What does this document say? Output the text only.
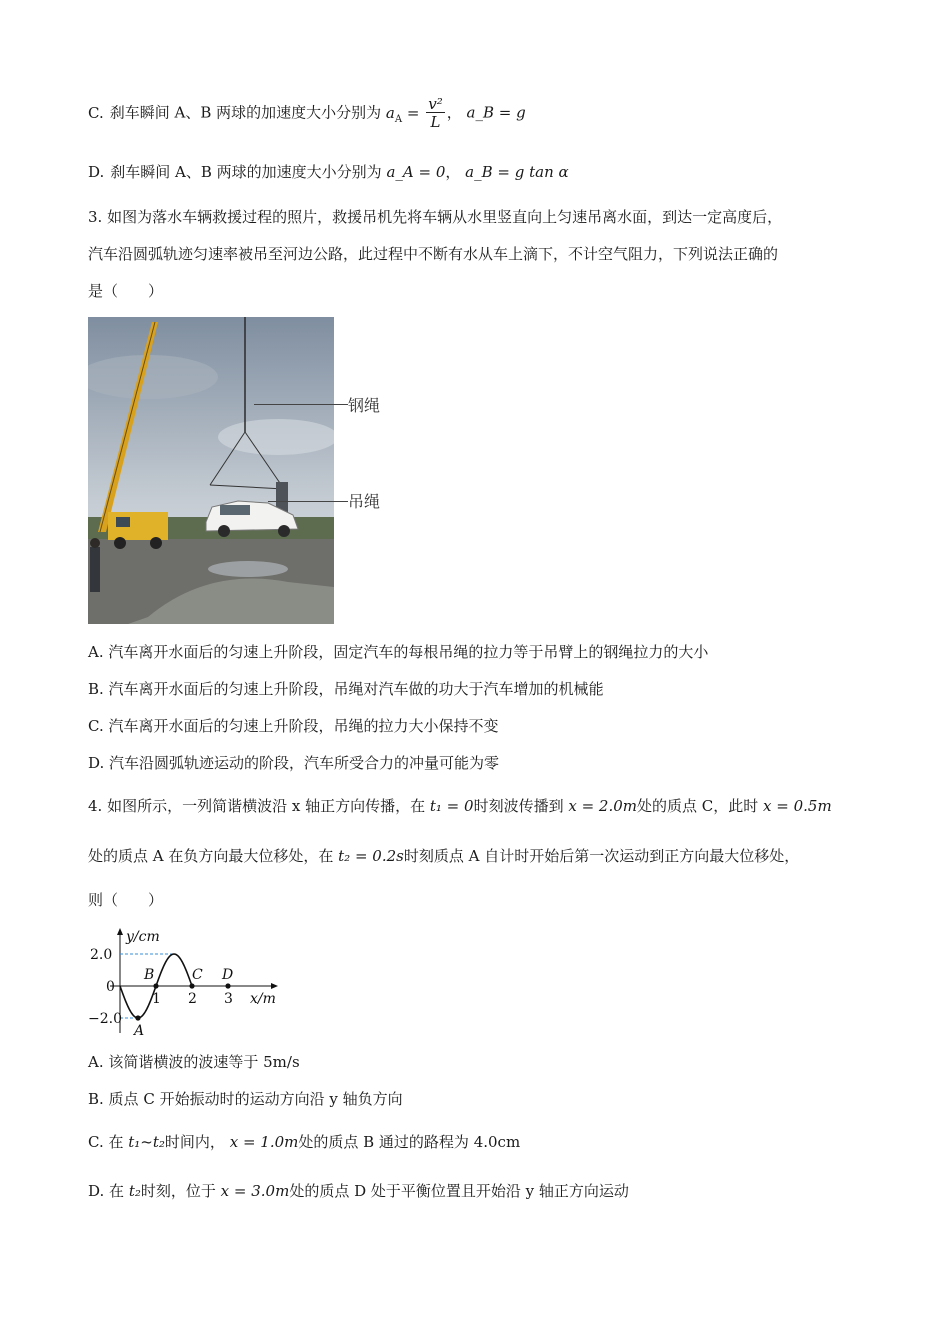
C. 刹车瞬间 A、B 两球的加速度大小分别为 $a_A = \frac{\text{v²}}{L}$ ， a_B = g
D. 刹车瞬间 A、B 两球的加速度大小分别为 a_A = 0， a_B = g tan α
3. 如图为落水车辆救援过程的照片，救援吊机先将车辆从水里竖直向上匀速吊离水面，到达一定高度后，
汽车沿圆弧轨迹匀速率被吊至河边公路，此过程中不断有水从车上滴下，不计空气阻力，下列说法正确的
是（　　）
钢绳
吊绳
A. 汽车离开水面后的匀速上升阶段，固定汽车的每根吊绳的拉力等于吊臂上的钢绳拉力的大小
B. 汽车离开水面后的匀速上升阶段，吊绳对汽车做的功大于汽车增加的机械能
C. 汽车离开水面后的匀速上升阶段，吊绳的拉力大小保持不变
D. 汽车沿圆弧轨迹运动的阶段，汽车所受合力的冲量可能为零
4. 如图所示，一列简谐横波沿 x 轴正方向传播，在 t₁ = 0时刻波传播到 x = 2.0m处的质点 C，此时 x = 0.5m
处的质点 A 在负方向最大位移处，在 t₂ = 0.2s时刻质点 A 自计时开始后第一次运动到正方向最大位移处，
则（　　）
y/cm
x/m
2.0
0
−2.0
1 2 3
A
B	C D
A. 该简谐横波的波速等于 5m/s
B. 质点 C 开始振动时的运动方向沿 y 轴负方向
C. 在 t₁~t₂时间内， x = 1.0m处的质点 B 通过的路程为 4.0cm
D. 在 t₂时刻，位于 x = 3.0m处的质点 D 处于平衡位置且开始沿 y 轴正方向运动
